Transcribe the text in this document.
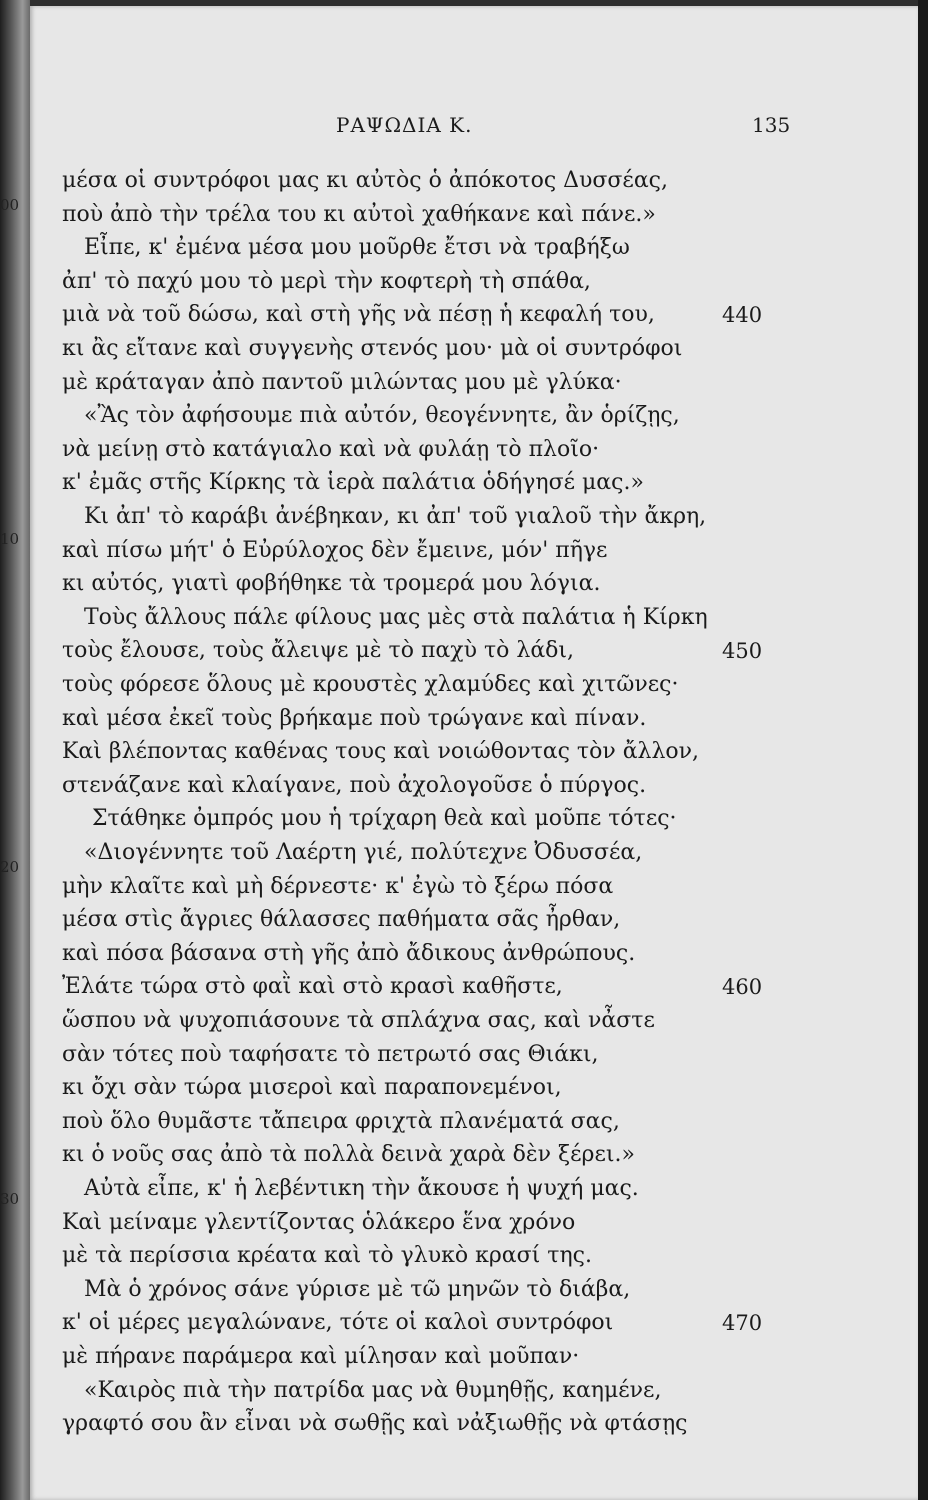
00
10
20
30
ΡΑΨΩΔΙΑ Κ.	135
μέσα οἱ συντρόφοι μας κι αὐτὸς ὁ ἀπόκοτος Δυσσέας,
ποὺ ἀπὸ τὴν τρέλα του κι αὐτοὶ χαθήκανε καὶ πάνε.»
Εἶπε, κ' ἐμένα μέσα μου μοῦρθε ἔτσι νὰ τραβήξω
ἀπ' τὸ παχύ μου τὸ μερὶ τὴν κοφτερὴ τὴ σπάθα,
μιὰ νὰ τοῦ δώσω, καὶ στὴ γῆς νὰ πέσῃ ἡ κεφαλή του,	440
κι ἂς εἴτανε καὶ συγγενὴς στενός μου· μὰ οἱ συντρόφοι
μὲ κράταγαν ἀπὸ παντοῦ μιλώντας μου μὲ γλύκα·
«Ἂς τὸν ἀφήσουμε πιὰ αὐτόν, θεογέννητε, ἂν ὁρίζῃς,
νὰ μείνῃ στὸ κατάγιαλο καὶ νὰ φυλάῃ τὸ πλοῖο·
κ' ἐμᾶς στῆς Κίρκης τὰ ἱερὰ παλάτια ὁδήγησέ μας.»
Κι ἀπ' τὸ καράβι ἀνέβηκαν, κι ἀπ' τοῦ γιαλοῦ τὴν ἄκρη,
καὶ πίσω μήτ' ὁ Εὐρύλοχος δὲν ἔμεινε, μόν' πῆγε
κι αὐτός, γιατὶ φοβήθηκε τὰ τρομερά μου λόγια.
Τοὺς ἄλλους πάλε φίλους μας μὲς στὰ παλάτια ἡ Κίρκη
τοὺς ἔλουσε, τοὺς ἄλειψε μὲ τὸ παχὺ τὸ λάδι,	450
τοὺς φόρεσε ὅλους μὲ κρουστὲς χλαμύδες καὶ χιτῶνες·
καὶ μέσα ἐκεῖ τοὺς βρήκαμε ποὺ τρώγανε καὶ πίναν.
Καὶ βλέποντας καθένας τους καὶ νοιώθοντας τὸν ἄλλον,
στενάζανε καὶ κλαίγανε, ποὺ ἀχολογοῦσε ὁ πύργος.
Στάθηκε ὀμπρός μου ἡ τρίχαρη θεὰ καὶ μοῦπε τότες·
«Διογέννητε τοῦ Λαέρτη γιέ, πολύτεχνε Ὀδυσσέα,
μὴν κλαῖτε καὶ μὴ δέρνεστε· κ' ἐγὼ τὸ ξέρω πόσα
μέσα στὶς ἄγριες θάλασσες παθήματα σᾶς ἦρθαν,
καὶ πόσα βάσανα στὴ γῆς ἀπὸ ἄδικους ἀνθρώπους.
Ἐλάτε τώρα στὸ φαῒ καὶ στὸ κρασὶ καθῆστε,	460
ὥσπου νὰ ψυχοπιάσουνε τὰ σπλάχνα σας, καὶ νἆστε
σὰν τότες ποὺ ταφήσατε τὸ πετρωτό σας Θιάκι,
κι ὄχι σὰν τώρα μισεροὶ καὶ παραπονεμένοι,
ποὺ ὅλο θυμᾶστε τἄπειρα φριχτὰ πλανέματά σας,
κι ὁ νοῦς σας ἀπὸ τὰ πολλὰ δεινὰ χαρὰ δὲν ξέρει.»
Αὐτὰ εἶπε, κ' ἡ λεβέντικη τὴν ἄκουσε ἡ ψυχή μας.
Καὶ μείναμε γλεντίζοντας ὁλάκερο ἕνα χρόνο
μὲ τὰ περίσσια κρέατα καὶ τὸ γλυκὸ κρασί της.
Μὰ ὁ χρόνος σάνε γύρισε μὲ τῶ μηνῶν τὸ διάβα,
κ' οἱ μέρες μεγαλώνανε, τότε οἱ καλοὶ συντρόφοι	470
μὲ πήρανε παράμερα καὶ μίλησαν καὶ μοῦπαν·
«Καιρὸς πιὰ τὴν πατρίδα μας νὰ θυμηθῇς, καημένε,
γραφτό σου ἂν εἶναι νὰ σωθῇς καὶ νἀξιωθῇς νὰ φτάσῃς
